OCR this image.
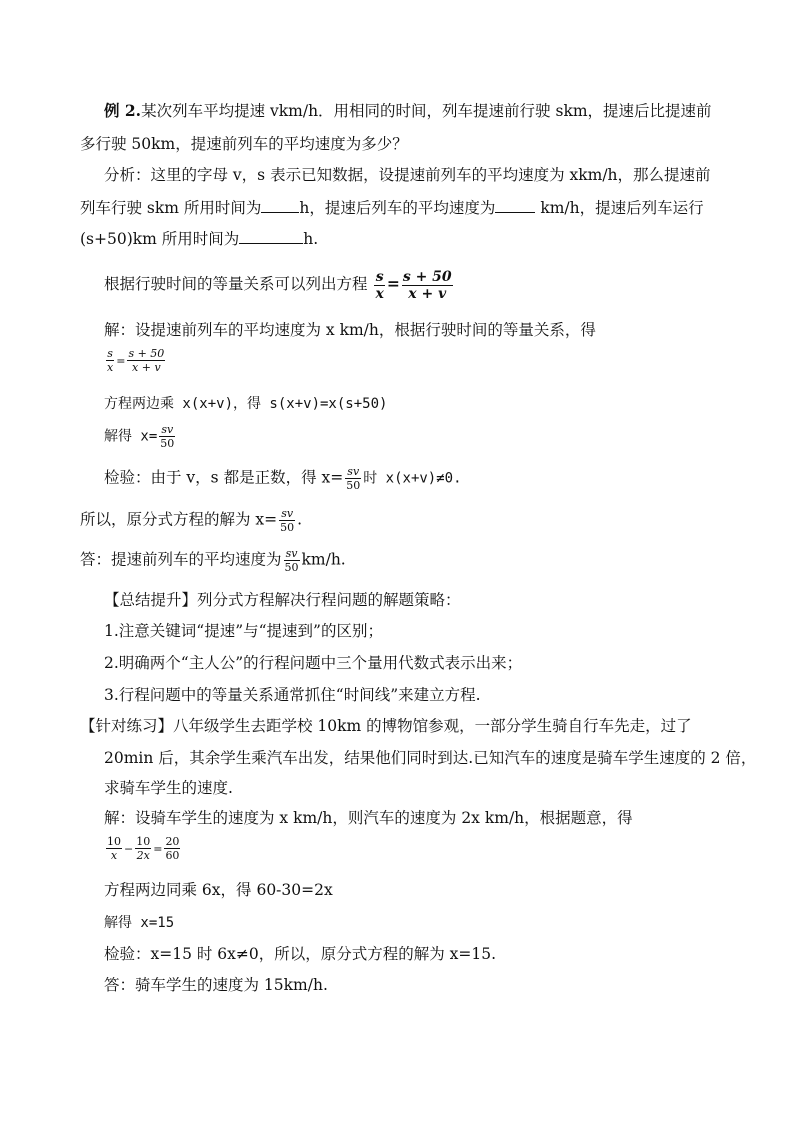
例 2.某次列车平均提速 vkm/h．用相同的时间，列车提速前行驶 skm，提速后比提速前
多行驶 50km，提速前列车的平均速度为多少？
分析：这里的字母 v，s 表示已知数据，设提速前列车的平均速度为 xkm/h，那么提速前
列车行驶 skm 所用时间为 h，提速后列车的平均速度为	km/h，提速后列车运行
(s+50)km 所用时间为	h.
根据行驶时间的等量关系可以列出方程 $\frac{s}{x} = \frac{s + 50}{x + v}$
解：设提速前列车的平均速度为 x km/h，根据行驶时间的等量关系，得
$\frac{s}{x} = \frac{s + 50}{x + v}$
方程两边乘 x(x+v)，得 s(x+v)=x(s+50)
解得 $x= \frac{sv}{50}$
检验：由于 v，s 都是正数，得 $x= \frac{sv}{50}$ 时 x(x+v)≠0.
所以，原分式方程的解为 $x= \frac{sv}{50}$ .
答：提速前列车的平均速度为 $\frac{sv}{50} km/h$.
【总结提升】列分式方程解决行程问题的解题策略：
1.注意关键词“提速”与“提速到”的区别；
2.明确两个“主人公”的行程问题中三个量用代数式表示出来；
3.行程问题中的等量关系通常抓住“时间线”来建立方程.
【针对练习】八年级学生去距学校 10km 的博物馆参观，一部分学生骑自行车先走，过了
20min 后，其余学生乘汽车出发，结果他们同时到达.已知汽车的速度是骑车学生速度的 2 倍，
求骑车学生的速度.
解：设骑车学生的速度为 x km/h，则汽车的速度为 2x km/h，根据题意，得
$\frac{10}{x} - \frac{10}{2x} = \frac{20}{60}$
方程两边同乘 6x，得 60-30=2x
解得 x=15
检验：x=15 时 6x≠0，所以，原分式方程的解为 x=15.
答：骑车学生的速度为 15km/h.
